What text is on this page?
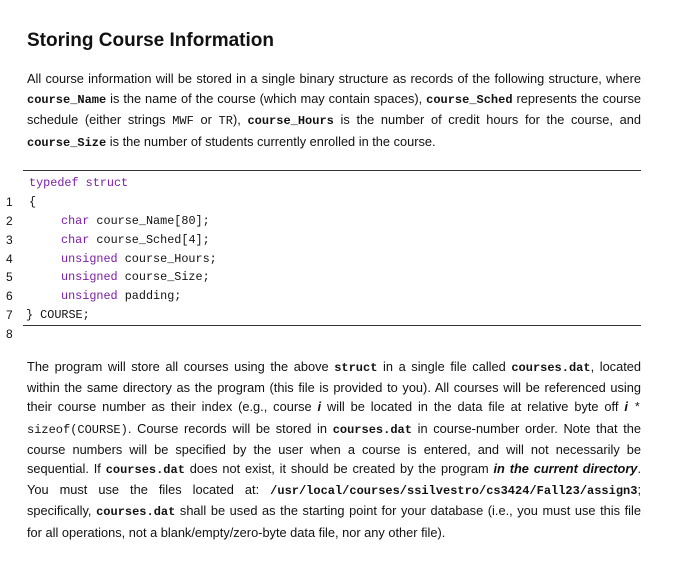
Storing Course Information

All course information will be stored in a single binary structure as records of the following structure, where course_Name is the name of the course (which may contain spaces), course_Sched represents the course schedule (either strings MWF or TR), course_Hours is the number of credit hours for the course, and course_Size is the number of students currently enrolled in the course.

1

typedef struct

2

{

3

char course_Name[80];

4

char course_Sched[4];

5

unsigned course_Hours;

6

unsigned course_Size;

7

unsigned padding;

8

} COURSE;

The program will store all courses using the above struct in a single file called courses.dat, located within the same directory as the program (this file is provided to you). All courses will be referenced using their course number as their index (e.g., course i will be located in the data file at relative byte off i * sizeof(COURSE). Course records will be stored in courses.dat in course-number order. Note that the course numbers will be specified by the user when a course is entered, and will not necessarily be sequential. If courses.dat does not exist, it should be created by the program in the current directory. You must use the files located at: /usr/local/courses/ssilvestro/cs3424/Fall23/assign3; specifically, courses.dat shall be used as the starting point for your database (i.e., you must use this file for all operations, not a blank/empty/zero-byte data file, nor any other file).
